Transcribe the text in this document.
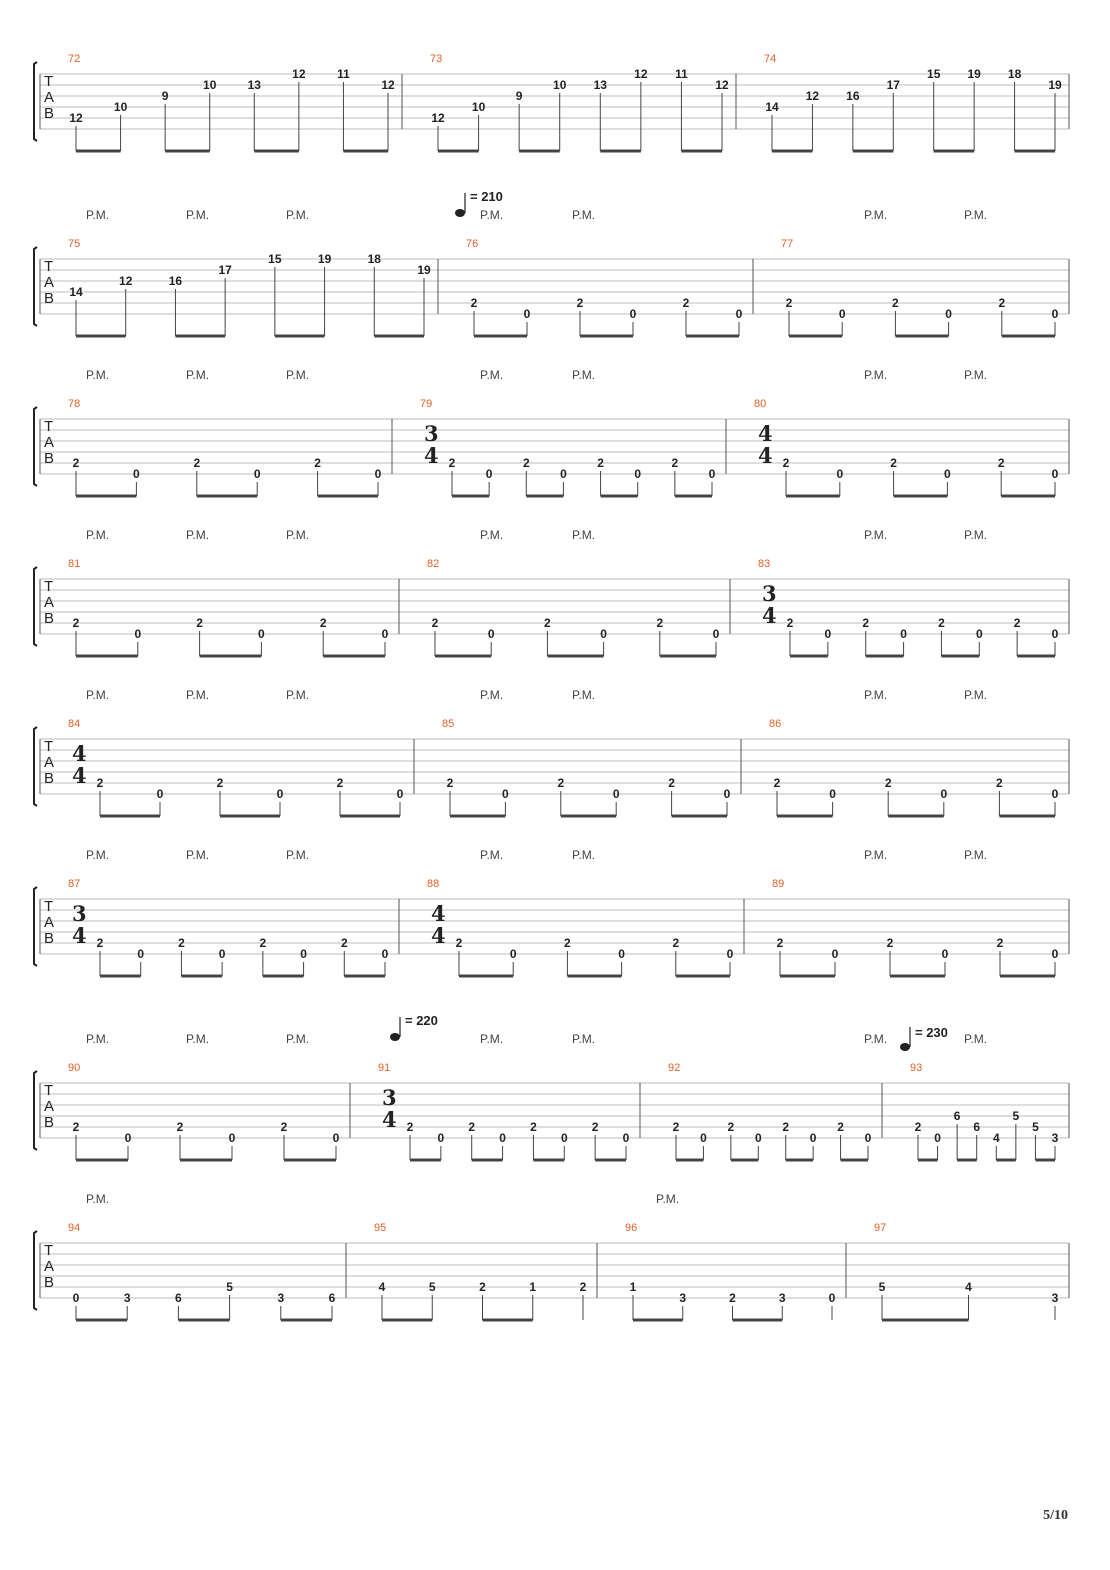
T
A
B
72
12
10
9
10	13
12	11
12
73
12
10
9
10 13
12 11
12
74
14
12 16
17
15 19 18
19
T
A
B
75
14
12	16
17
15	19	18
19
76
2
0
2
0
2
0
77
2
0
2
0
2
0
= 210
P.M.	P.M.	P.M.	P.M.	P.M.	P.M.	P.M.
T
A
B
78
2
0
2
0
2
0
79
3
4 2
0
2
0
2
0
2
0
80
4
4 2
0
2
0
2
0
P.M.	P.M.	P.M.	P.M.	P.M.	P.M.	P.M.
T
A
B
81
2
0
2
0
2
0
82
2
0
2
0
2
0
83
3
4 2
0
2
0
2
0
2
0
P.M.	P.M.	P.M.	P.M.	P.M.	P.M.	P.M.
T
A
B
84
4
4 2
0
2
0
2
0
85
2
0
2
0
2
0
86
2
0
2
0
2
0
P.M.	P.M.	P.M.	P.M.	P.M.	P.M.	P.M.
T
A
B
87
3
4 2
0
2
0
2
0
2
0
88
4
4 2
0
2
0
2
0
89
2
0
2
0
2
0
P.M.	P.M.	P.M.	P.M.	P.M.	P.M.	P.M.
T
A
B
90
2
0
2
0
2
0
91
3
4 2
0
2
0
2
0
2
0
92
2
0
2
0
2
0
2
0
93
2
0
6
6
4
5
5
3
= 220
= 230
P.M.	P.M.	P.M.	P.M.	P.M.	P.M.	P.M.
T
A
B
94
0	3	6
5
3	6
95
4	5	2	1	2
96
1
3	2	3	0
97
5	4
3
P.M.	P.M.
5/10
